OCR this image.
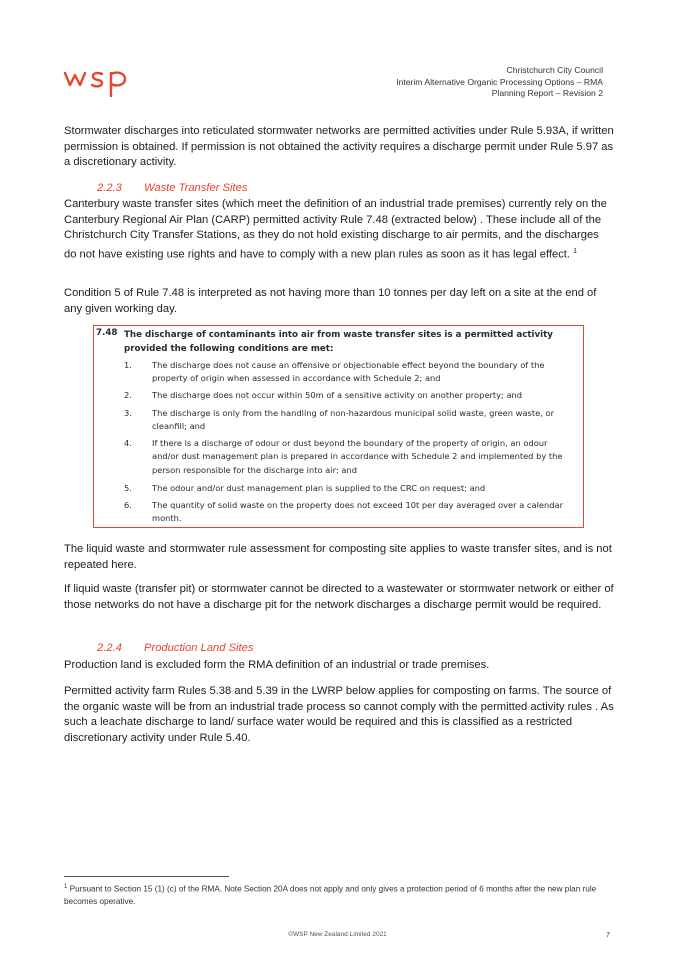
Christchurch City Council
Interim Alternative Organic Processing Options – RMA
Planning Report – Revision 2
Stormwater discharges into reticulated stormwater networks are permitted activities under Rule 5.93A, if written permission is obtained. If permission is not obtained the activity requires a discharge permit under Rule 5.97 as a discretionary activity.
2.2.3 Waste Transfer Sites
Canterbury waste transfer sites (which meet the definition of an industrial trade premises) currently rely on the Canterbury Regional Air Plan (CARP) permitted activity Rule 7.48 (extracted below) . These include all of the Christchurch City Transfer Stations, as they do not hold existing discharge to air permits, and the discharges do not have existing use rights and have to comply with a new plan rules as soon as it has legal effect. $^1$
Condition 5 of Rule 7.48 is interpreted as not having more than 10 tonnes per day left on a site at the end of any given working day.
7.48 The discharge of contaminants into air from waste transfer sites is a permitted activity provided the following conditions are met:
1. The discharge does not cause an offensive or objectionable effect beyond the boundary of the property of origin when assessed in accordance with Schedule 2; and
2. The discharge does not occur within 50m of a sensitive activity on another property; and
3. The discharge is only from the handling of non-hazardous municipal solid waste, green waste, or cleanfill; and
4. If there is a discharge of odour or dust beyond the boundary of the property of origin, an odour and/or dust management plan is prepared in accordance with Schedule 2 and implemented by the person responsible for the discharge into air; and
5. The odour and/or dust management plan is supplied to the CRC on request; and
6. The quantity of solid waste on the property does not exceed 10t per day averaged over a calendar month.
The liquid waste and stormwater rule assessment for composting site applies to waste transfer sites, and is not repeated here.
If liquid waste (transfer pit) or stormwater cannot be directed to a wastewater or stormwater network or either of those networks do not have a discharge pit for the network discharges a discharge permit would be required.
2.2.4 Production Land Sites
Production land is excluded form the RMA definition of an industrial or trade premises.
Permitted activity farm Rules 5.38 and 5.39 in the LWRP below applies for composting on farms. The source of the organic waste will be from an industrial trade process so cannot comply with the permitted activity rules . As such a leachate discharge to land/ surface water would be required and this is classified as a restricted discretionary activity under Rule 5.40.
$^1$ Pursuant to Section 15 (1) (c) of the RMA. Note Section 20A does not apply and only gives a protection period of 6 months after the new plan rule becomes operative.
©WSP New Zealand Limited 2021	7
